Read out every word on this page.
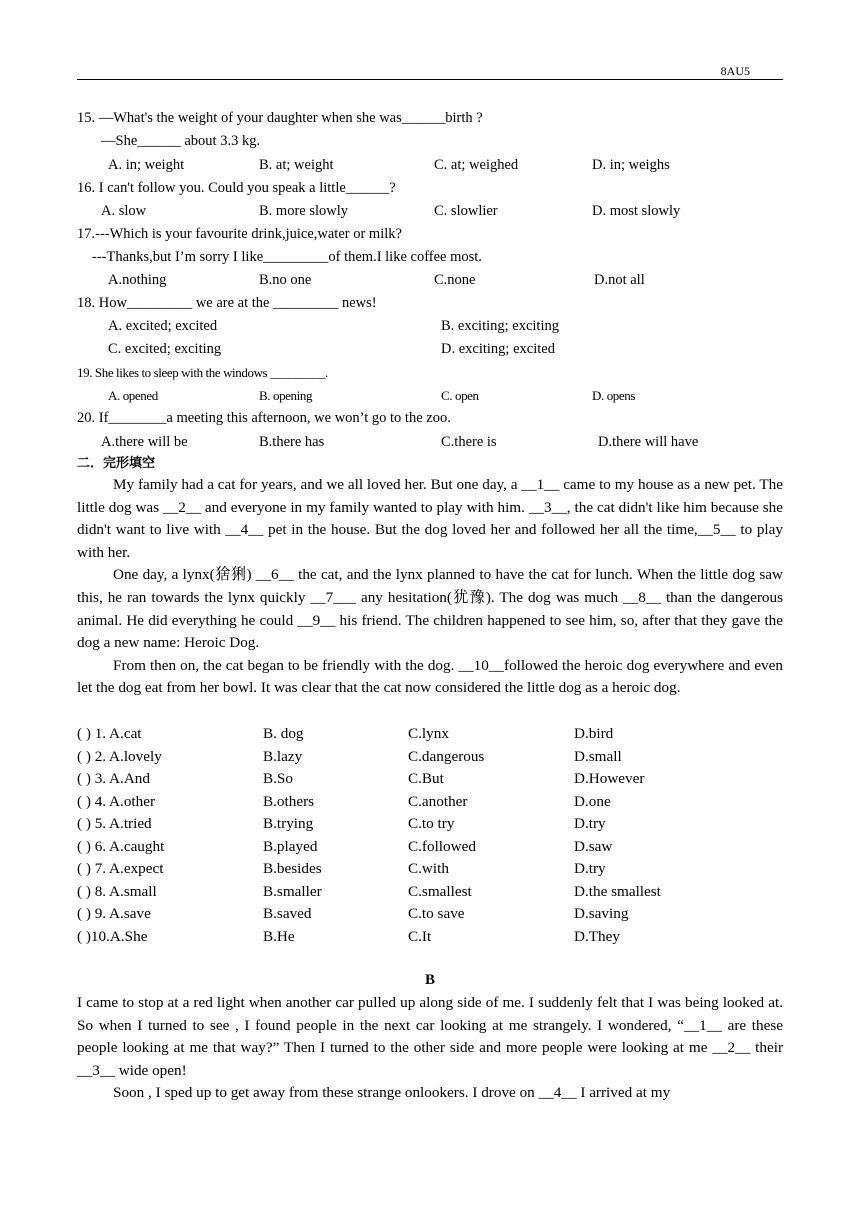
8AU5
15. —What's the weight of your daughter when she was______birth ?
—She______ about 3.3 kg.
A. in; weight	B. at; weight	C. at; weighed	D. in; weighs
16. I can't follow you. Could you speak a little______?
A. slow	B. more slowly	C. slowlier	D. most slowly
17.---Which is your favourite drink,juice,water or milk?
---Thanks,but I’m sorry I like_________of them.I like coffee most.
A.nothing	B.no one	C.none	D.not all
18. How_________ we are at the _________ news!
A. excited; excited	B. exciting; exciting
C. excited; exciting	D. exciting; excited
19. She likes to sleep with the windows _________.
A. opened	B. opening	C. open	D. opens
20. If________a meeting this afternoon, we won’t go to the zoo.
A.there will be	B.there has	C.there is	D.there will have
二．完形填空

My family had a cat for years, and we all loved her. But one day, a __1__ came to my house as a new pet. The little dog was __2__ and everyone in my family wanted to play with him. __3__, the cat didn't like him because she didn't want to live with __4__ pet in the house. But the dog loved her and followed her all the time,__5__ to play with her.

One day, a lynx(猞猁) __6__ the cat, and the lynx planned to have the cat for lunch. When the little dog saw this, he ran towards the lynx quickly __7___ any hesitation(犹豫). The dog was much __8__ than the dangerous animal. He did everything he could __9__ his friend. The children happened to see him, so, after that they gave the dog a new name: Heroic Dog.

From then on, the cat began to be friendly with the dog. __10__followed the heroic dog everywhere and even let the dog eat from her bowl. It was clear that the cat now considered the little dog as a heroic dog.

( ) 1. A.cat	B. dog	C.lynx	D.bird
( ) 2. A.lovely	B.lazy	C.dangerous	D.small
( ) 3. A.And	B.So	C.But	D.However
( ) 4. A.other	B.others	C.another	D.one
( ) 5. A.tried	B.trying	C.to try	D.try
( ) 6. A.caught	B.played	C.followed	D.saw
( ) 7. A.expect	B.besides	C.with	D.try
( ) 8. A.small	B.smaller	C.smallest	D.the smallest
( ) 9. A.save	B.saved	C.to save	D.saving
( )10.A.She	B.He	C.It	D.They
B

I came to stop at a red light when another car pulled up along side of me. I suddenly felt that I was being looked at. So when I turned to see , I found people in the next car looking at me strangely. I wondered, “__1__ are these people looking at me that way?” Then I turned to the other side and more people were looking at me __2__ their __3__ wide open!

Soon , I sped up to get away from these strange onlookers. I drove on __4__ I arrived at my
